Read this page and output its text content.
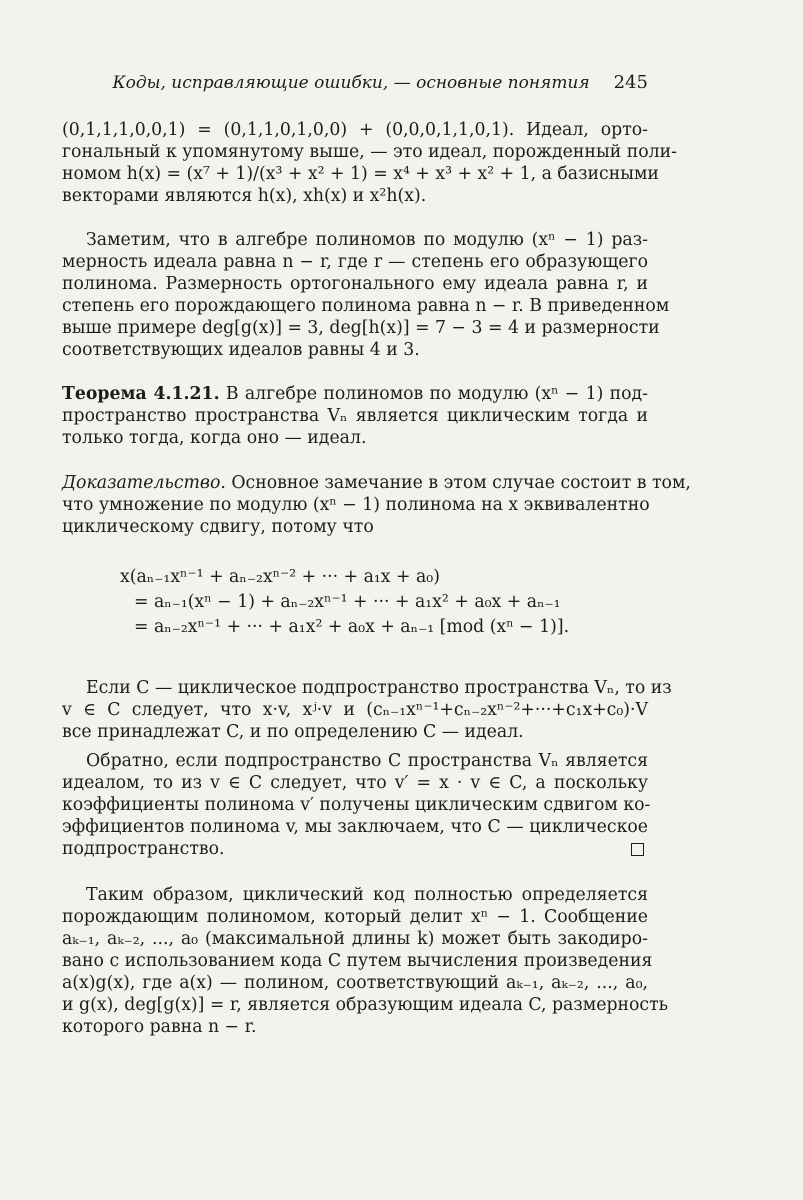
Коды, исправляющие ошибки, — основные понятия 245
(0,1,1,1,0,0,1) = (0,1,1,0,1,0,0) + (0,0,0,1,1,0,1). Идеал, орто-
гональный к упомянутому выше, — это идеал, порожденный поли-
номом h(x) = (x⁷ + 1)/(x³ + x² + 1) = x⁴ + x³ + x² + 1, а базисными
векторами являются h(x), xh(x) и x²h(x).
Заметим, что в алгебре полиномов по модулю (xⁿ − 1) раз-
мерность идеала равна n − r, где r — степень его образующего
полинома. Размерность ортогонального ему идеала равна r, и
степень его порождающего полинома равна n − r. В приведенном
выше примере deg[g(x)] = 3, deg[h(x)] = 7 − 3 = 4 и размерности
соответствующих идеалов равны 4 и 3.
Теорема 4.1.21. В алгебре полиномов по модулю (xⁿ − 1) под-
пространство пространства Vₙ является циклическим тогда и
только тогда, когда оно — идеал.
Доказательство. Основное замечание в этом случае состоит в том,
что умножение по модулю (xⁿ − 1) полинома на x эквивалентно
циклическому сдвигу, потому что
x(aₙ₋₁xⁿ⁻¹ + aₙ₋₂xⁿ⁻² + ··· + a₁x + a₀)
= aₙ₋₁(xⁿ − 1) + aₙ₋₂xⁿ⁻¹ + ··· + a₁x² + a₀x + aₙ₋₁
= aₙ₋₂xⁿ⁻¹ + ··· + a₁x² + a₀x + aₙ₋₁ [mod (xⁿ − 1)].
Если C — циклическое подпространство пространства Vₙ, то из
v ∈ C следует, что x·v, xʲ·v и (cₙ₋₁xⁿ⁻¹+cₙ₋₂xⁿ⁻²+···+c₁x+c₀)·V
все принадлежат C, и по определению C — идеал.
Обратно, если подпространство C пространства Vₙ является
идеалом, то из v ∈ C следует, что v′ = x · v ∈ C, а поскольку
коэффициенты полинома v′ получены циклическим сдвигом ко-
эффициентов полинома v, мы заключаем, что C — циклическое
подпространство.
Таким образом, циклический код полностью определяется
порождающим полиномом, который делит xⁿ − 1. Сообщение
aₖ₋₁, aₖ₋₂, ..., a₀ (максимальной длины k) может быть закодиро-
вано с использованием кода C путем вычисления произведения
a(x)g(x), где a(x) — полином, соответствующий aₖ₋₁, aₖ₋₂, ..., a₀,
и g(x), deg[g(x)] = r, является образующим идеала C, размерность
которого равна n − r.
